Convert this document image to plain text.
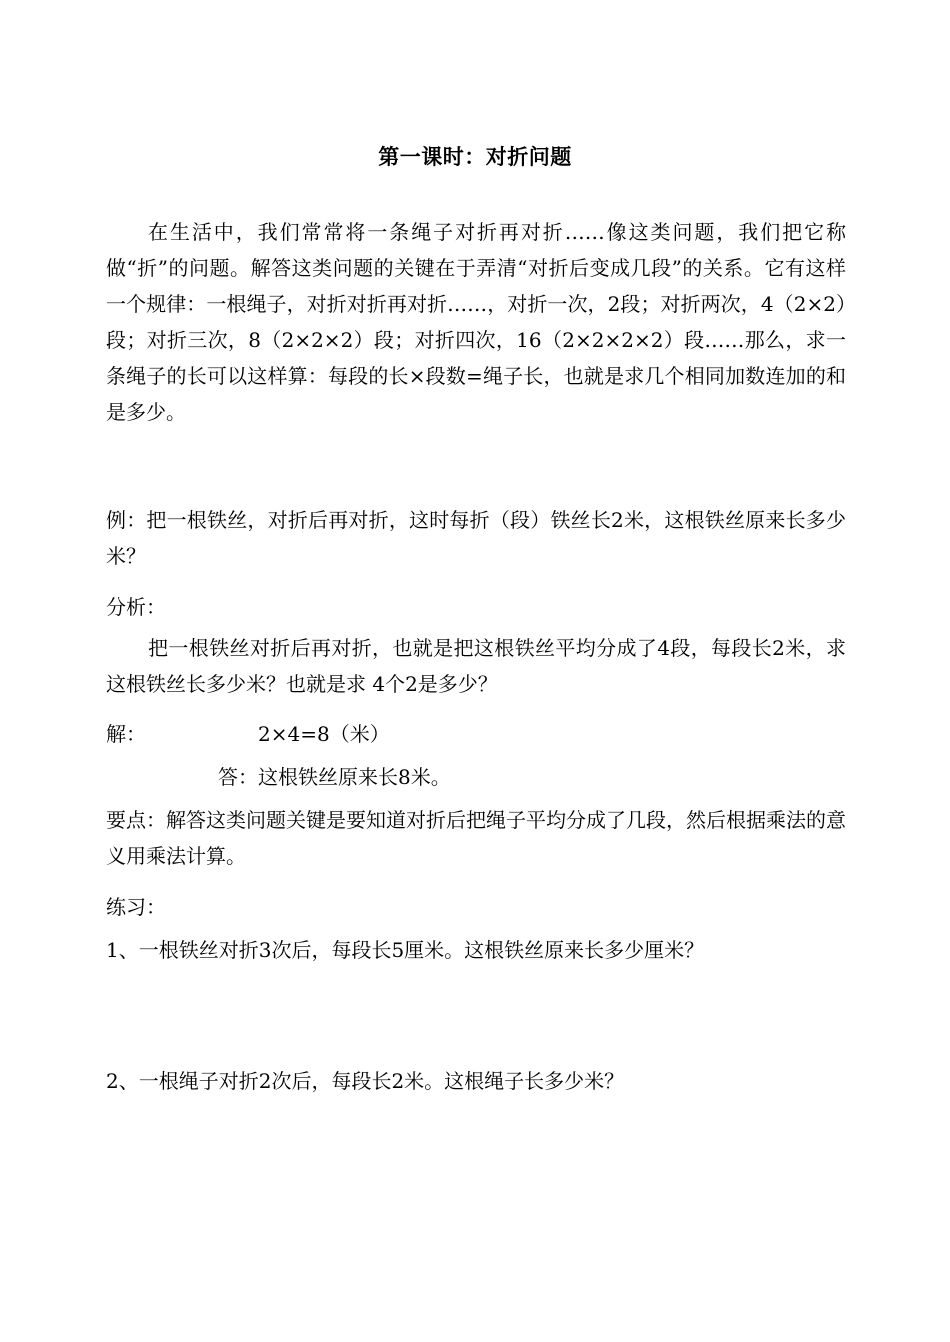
第一课时：对折问题

在生活中，我们常常将一条绳子对折再对折……像这类问题，我们把它称做“折”的问题。解答这类问题的关键在于弄清“对折后变成几段”的关系。它有这样一个规律：一根绳子，对折对折再对折……，对折一次，2段；对折两次，4（2×2）段；对折三次，8（2×2×2）段；对折四次，16（2×2×2×2）段……那么，求一条绳子的长可以这样算：每段的长×段数=绳子长，也就是求几个相同加数连加的和是多少。

例：把一根铁丝，对折后再对折，这时每折（段）铁丝长2米，这根铁丝原来长多少米？

分析：

把一根铁丝对折后再对折，也就是把这根铁丝平均分成了4段，每段长2米，求这根铁丝长多少米？也就是求 4个2是多少？

解：	2×4=8（米）
答：这根铁丝原来长8米。

要点：解答这类问题关键是要知道对折后把绳子平均分成了几段，然后根据乘法的意义用乘法计算。

练习：

1、一根铁丝对折3次后，每段长5厘米。这根铁丝原来长多少厘米？

2、一根绳子对折2次后，每段长2米。这根绳子长多少米？
